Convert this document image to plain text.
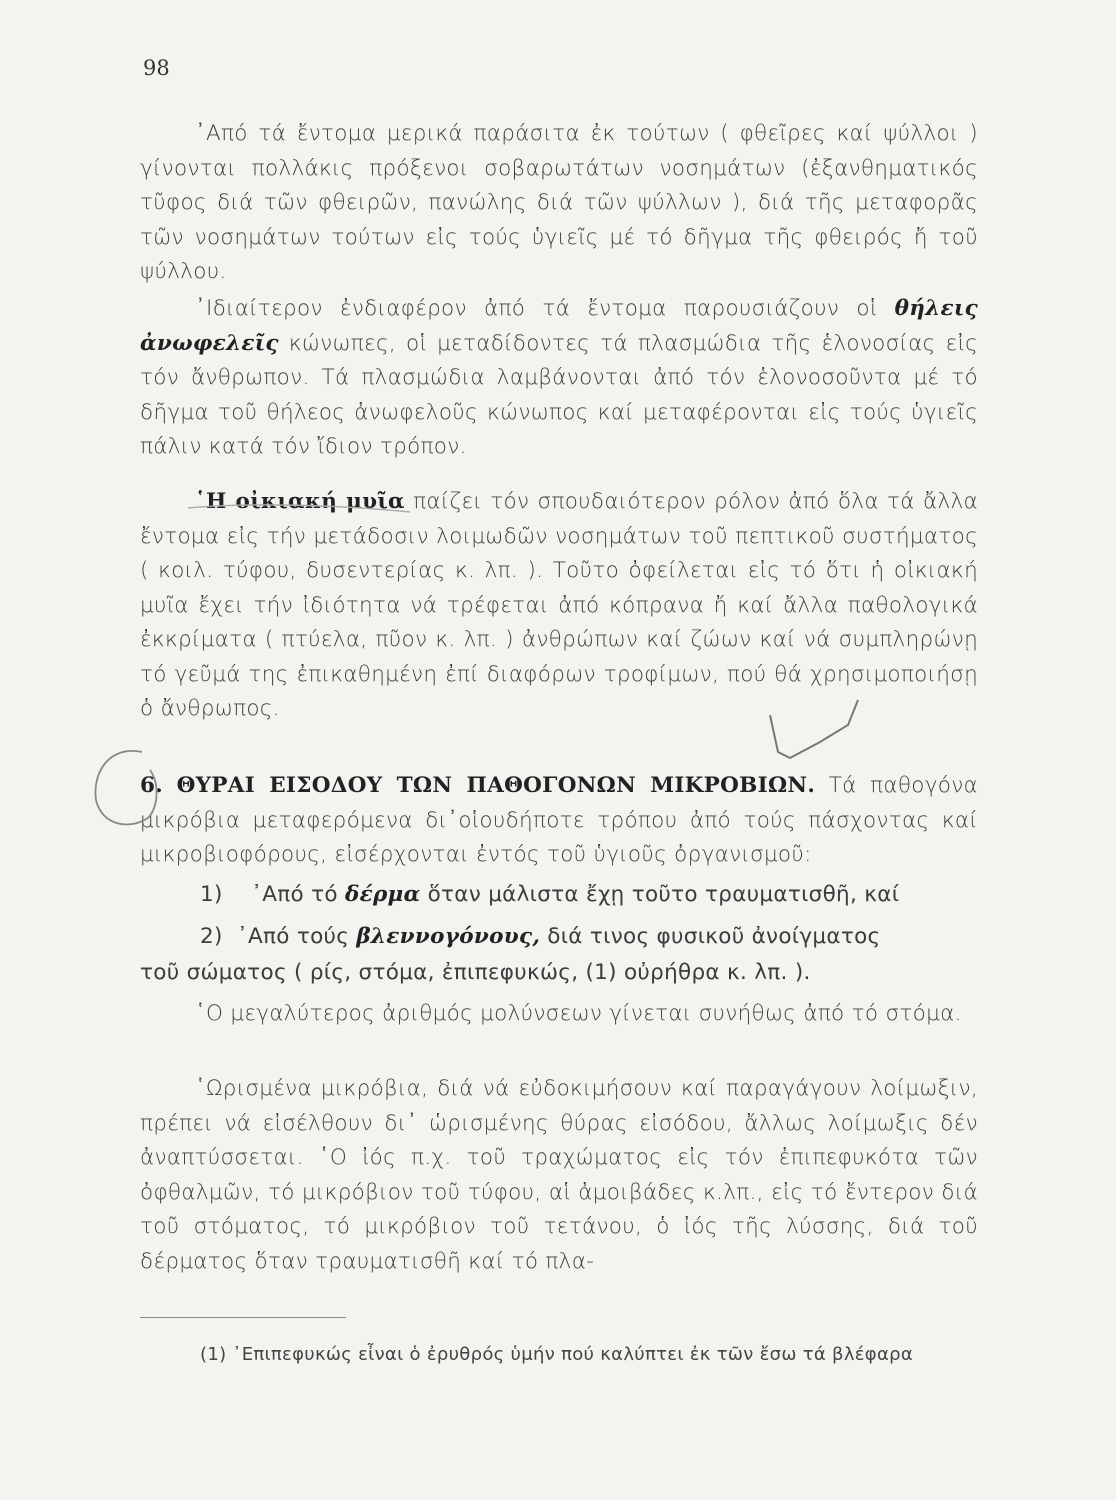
98
᾿Από τά ἔντομα μερικά παράσιτα ἐκ τούτων ( φθεῖρες καί ψύλλοι ) γίνονται πολλάκις πρόξενοι σοβαρωτάτων νοσημάτων (ἐξανθηματικός τῦφος διά τῶν φθειρῶν, πανώλης διά τῶν ψύλλων ), διά τῆς μεταφορᾶς τῶν νοσημάτων τούτων εἰς τούς ὑγιεῖς μέ τό δῆγμα τῆς φθειρός ἤ τοῦ ψύλλου.
᾿Ιδιαίτερον ἐνδιαφέρον ἀπό τά ἔντομα παρουσιάζουν οἱ θήλεις ἀνωφελεῖς κώνωπες, οἱ μεταδίδοντες τά πλασμώδια τῆς ἑλονοσίας εἰς τόν ἄνθρωπον. Τά πλασμώδια λαμβάνονται ἀπό τόν ἑλονοσοῦντα μέ τό δῆγμα τοῦ θήλεος ἀνωφελοῦς κώνωπος καί μεταφέρονται εἰς τούς ὑγιεῖς πάλιν κατά τόν ἴδιον τρόπον.
῾Η οἰκιακή μυῖα παίζει τόν σπουδαιότερον ρόλον ἀπό ὅλα τά ἄλλα ἔντομα εἰς τήν μετάδοσιν λοιμωδῶν νοσημάτων τοῦ πεπτικοῦ συστήματος ( κοιλ. τύφου, δυσεντερίας κ. λπ. ). Τοῦτο ὀφείλεται εἰς τό ὅτι ἡ οἰκιακή μυῖα ἔχει τήν ἰδιότητα νά τρέφεται ἀπό κόπρανα ἤ καί ἄλλα παθολογικά ἐκκρίματα ( πτύελα, πῦον κ. λπ. ) ἀνθρώπων καί ζώων καί νά συμπληρώνῃ τό γεῦμά της ἐπικαθημένη ἐπί διαφόρων τροφίμων, πού θά χρησιμοποιήσῃ ὁ ἄνθρωπος.
6. ΘΥΡΑΙ ΕΙΣΟΔΟΥ ΤΩΝ ΠΑΘΟΓΟΝΩΝ ΜΙΚΡΟΒΙΩΝ. Τά παθογόνα μικρόβια μεταφερόμενα δι᾿οἱουδήποτε τρόπου ἀπό τούς πάσχοντας καί μικροβιοφόρους, εἰσέρχονται ἐντός τοῦ ὑγιοῦς ὀργανισμοῦ:
1) ᾿Από τό δέρμα ὅταν μάλιστα ἔχῃ τοῦτο τραυματισθῆ, καί
2) ᾿Από τούς βλεννογόνους, διά τινος φυσικοῦ ἀνοίγματος
τοῦ σώματος ( ρίς, στόμα, ἐπιπεφυκώς, (1) οὐρήθρα κ. λπ. ).
῾Ο μεγαλύτερος ἀριθμός μολύνσεων γίνεται συνήθως ἀπό τό στόμα.
῾Ωρισμένα μικρόβια, διά νά εὐδοκιμήσουν καί παραγάγουν λοίμωξιν, πρέπει νά εἰσέλθουν δι᾿ ὡρισμένης θύρας εἰσόδου, ἄλλως λοίμωξις δέν ἀναπτύσσεται. ῾Ο ἰός π.χ. τοῦ τραχώματος εἰς τόν ἐπιπεφυκότα τῶν ὀφθαλμῶν, τό μικρόβιον τοῦ τύφου, αἱ ἀμοιβάδες κ.λπ., εἰς τό ἔντερον διά τοῦ στόματος, τό μικρόβιον τοῦ τετάνου, ὁ ἰός τῆς λύσσης, διά τοῦ δέρματος ὅταν τραυματισθῆ καί τό πλα-
(1) ᾿Επιπεφυκώς εἶναι ὁ ἐρυθρός ὑμήν πού καλύπτει ἐκ τῶν ἔσω τά βλέφαρα
